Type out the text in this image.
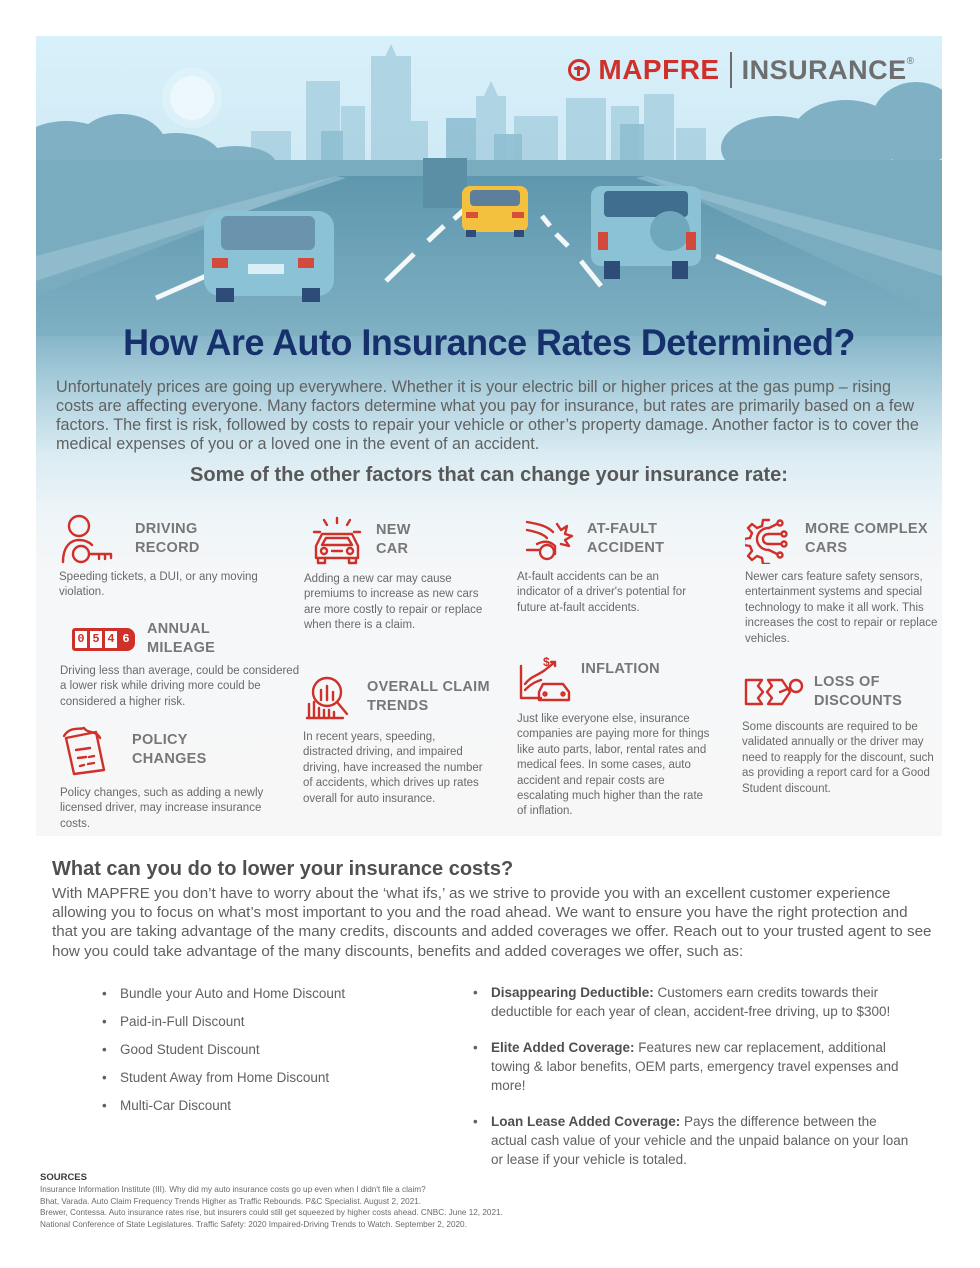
MAPFRE INSURANCE ®
How Are Auto Insurance Rates Determined?

Unfortunately prices are going up everywhere. Whether it is your electric bill or higher prices at the gas pump – rising costs are affecting everyone. Many factors determine what you pay for insurance, but rates are primarily based on a few factors. The first is risk, followed by costs to repair your vehicle or other’s property damage. Another factor is to cover the medical expenses of you or a loved one in the event of an accident.

Some of the other factors that can change your insurance rate:
DRIVING
RECORD

Speeding tickets, a DUI, or any moving violation.

0 5 4 6
ANNUAL
MILEAGE

Driving less than average, could be considered a lower risk while driving more could be considered a higher risk.

POLICY
CHANGES

Policy changes, such as adding a newly licensed driver, may increase insurance costs.

NEW
CAR

Adding a new car may cause premiums to increase as new cars are more costly to repair or replace when there is a claim.

OVERALL CLAIM
TRENDS

In recent years, speeding, distracted driving, and impaired driving, have increased the number of accidents, which drives up rates overall for auto insurance.

AT-FAULT
ACCIDENT

At-fault accidents can be an indicator of a driver's potential for future at-fault accidents.

$ INFLATION

Just like everyone else, insurance companies are paying more for things like auto parts, labor, rental rates and medical fees. In some cases, auto accident and repair costs are escalating much higher than the rate of inflation.

MORE COMPLEX
CARS

Newer cars feature safety sensors, entertainment systems and special technology to make it all work. This increases the cost to repair or replace vehicles.

LOSS OF
DISCOUNTS

Some discounts are required to be validated annually or the driver may need to reapply for the discount, such as providing a report card for a Good Student discount.

What can you do to lower your insurance costs?

With MAPFRE you don’t have to worry about the ‘what ifs,’ as we strive to provide you with an excellent customer experience allowing you to focus on what’s most important to you and the road ahead. We want to ensure you have the right protection and that you are taking advantage of the many credits, discounts and added coverages we offer. Reach out to your trusted agent to see how you could take advantage of the many discounts, benefits and added coverages we offer, such as:

• Bundle your Auto and Home Discount
• Paid-in-Full Discount
• Good Student Discount
• Student Away from Home Discount
• Multi-Car Discount
• Disappearing Deductible: Customers earn credits towards their deductible for each year of clean, accident-free driving, up to $300!
• Elite Added Coverage: Features new car replacement, additional towing & labor benefits, OEM parts, emergency travel expenses and more!
• Loan Lease Added Coverage: Pays the difference between the actual cash value of your vehicle and the unpaid balance on your loan or lease if your vehicle is totaled.
SOURCES
Insurance Information Institute (III). Why did my auto insurance costs go up even when I didn't file a claim?
Bhat, Varada. Auto Claim Frequency Trends Higher as Traffic Rebounds. P&C Specialist. August 2, 2021.
Brewer, Contessa. Auto insurance rates rise, but insurers could still get squeezed by higher costs ahead. CNBC. June 12, 2021.
National Conference of State Legislatures. Traffic Safety: 2020 Impaired-Driving Trends to Watch. September 2, 2020.
